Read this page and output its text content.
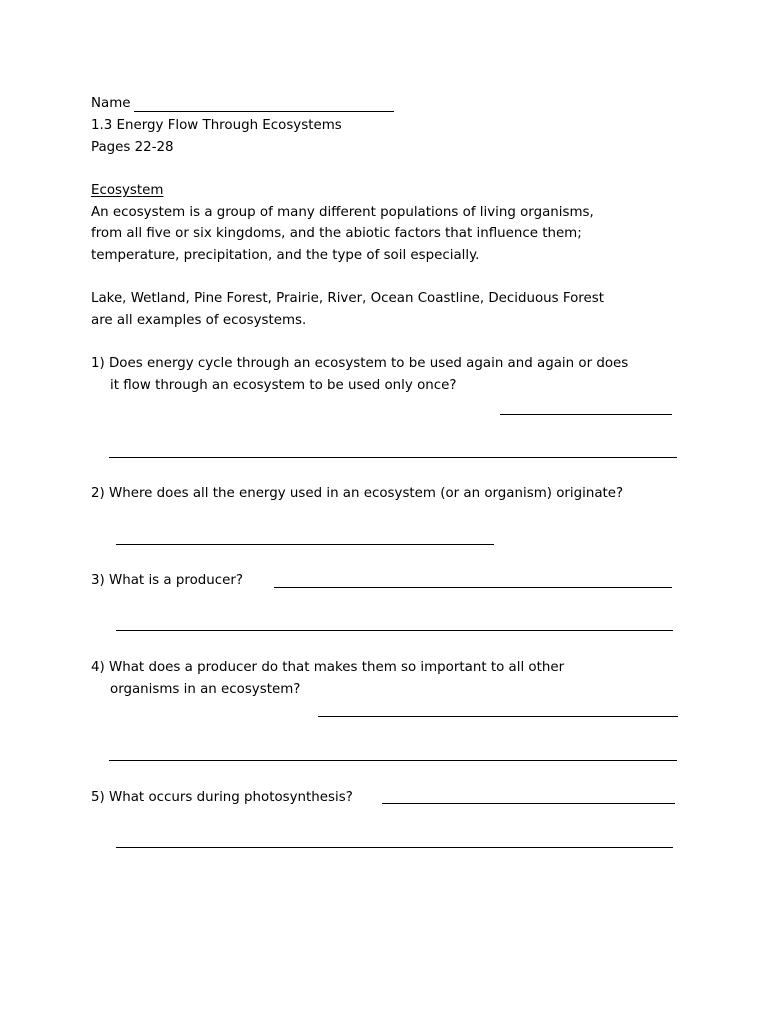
Name
1.3 Energy Flow Through Ecosystems
Pages 22-28
Ecosystem
An ecosystem is a group of many different populations of living organisms,
from all five or six kingdoms, and the abiotic factors that influence them;
temperature, precipitation, and the type of soil especially.
Lake, Wetland, Pine Forest, Prairie, River, Ocean Coastline, Deciduous Forest
are all examples of ecosystems.
1) Does energy cycle through an ecosystem to be used again and again or does
it flow through an ecosystem to be used only once?
2) Where does all the energy used in an ecosystem (or an organism) originate?
3) What is a producer?
4) What does a producer do that makes them so important to all other
organisms in an ecosystem?
5) What occurs during photosynthesis?
